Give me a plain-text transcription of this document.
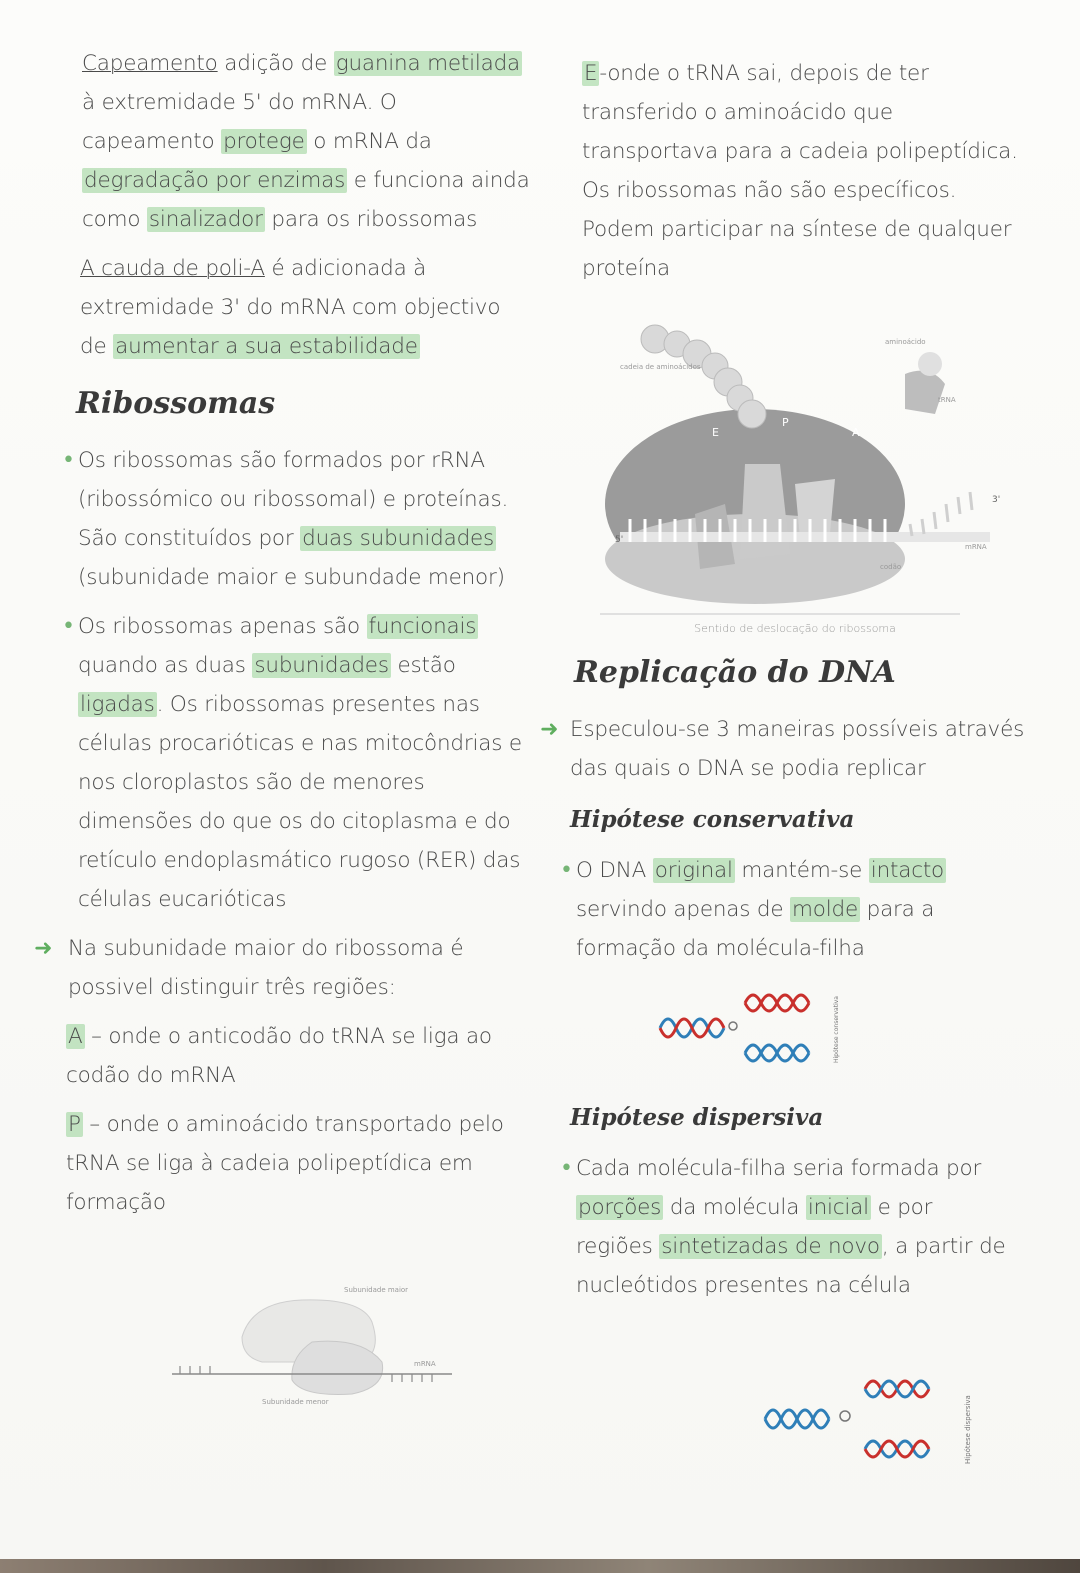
Capeamento adição de guanina metilada à extremidade 5' do mRNA. O capeamento protege o mRNA da degradação por enzimas e funciona ainda como sinalizador para os ribossomas

A cauda de poli-A é adicionada à extremidade 3' do mRNA com objectivo de aumentar a sua estabilidade

Ribossomas
• Os ribossomas são formados por rRNA (ribossómico ou ribossomal) e proteínas. São constituídos por duas subunidades (subunidade maior e subundade menor)

• Os ribossomas apenas são funcionais quando as duas subunidades estão ligadas. Os ribossomas presentes nas células procarióticas e nas mitocôndrias e nos cloroplastos são de menores dimensões do que os do citoplasma e do retículo endoplasmático rugoso (RER) das células eucarióticas

➜ Na subunidade maior do ribossoma é possivel distinguir três regiões:

A – onde o anticodão do tRNA se liga ao codão do mRNA

P – onde o aminoácido transportado pelo tRNA se liga à cadeia polipeptídica em formação

Subunidade maior
mRNA
Subunidade menor

E-onde o tRNA sai, depois de ter transferido o aminoácido que transportava para a cadeia polipeptídica. Os ribossomas não são específicos. Podem participar na síntese de qualquer proteína

cadeia de aminoácidos
aminoácido
tRNA
E
P
A
5'
3'
mRNA
codão
Sentido de deslocação do ribossoma
Replicação do DNA
➜ Especulou-se 3 maneiras possíveis através das quais o DNA se podia replicar

Hipótese conservativa
• O DNA original mantém-se intacto servindo apenas de molde para a formação da molécula-filha

Hipótese conservativa
Hipótese dispersiva
• Cada molécula-filha seria formada por porções da molécula inicial e por regiões sintetizadas de novo, a partir de nucleótidos presentes na célula

Hipótese dispersiva
